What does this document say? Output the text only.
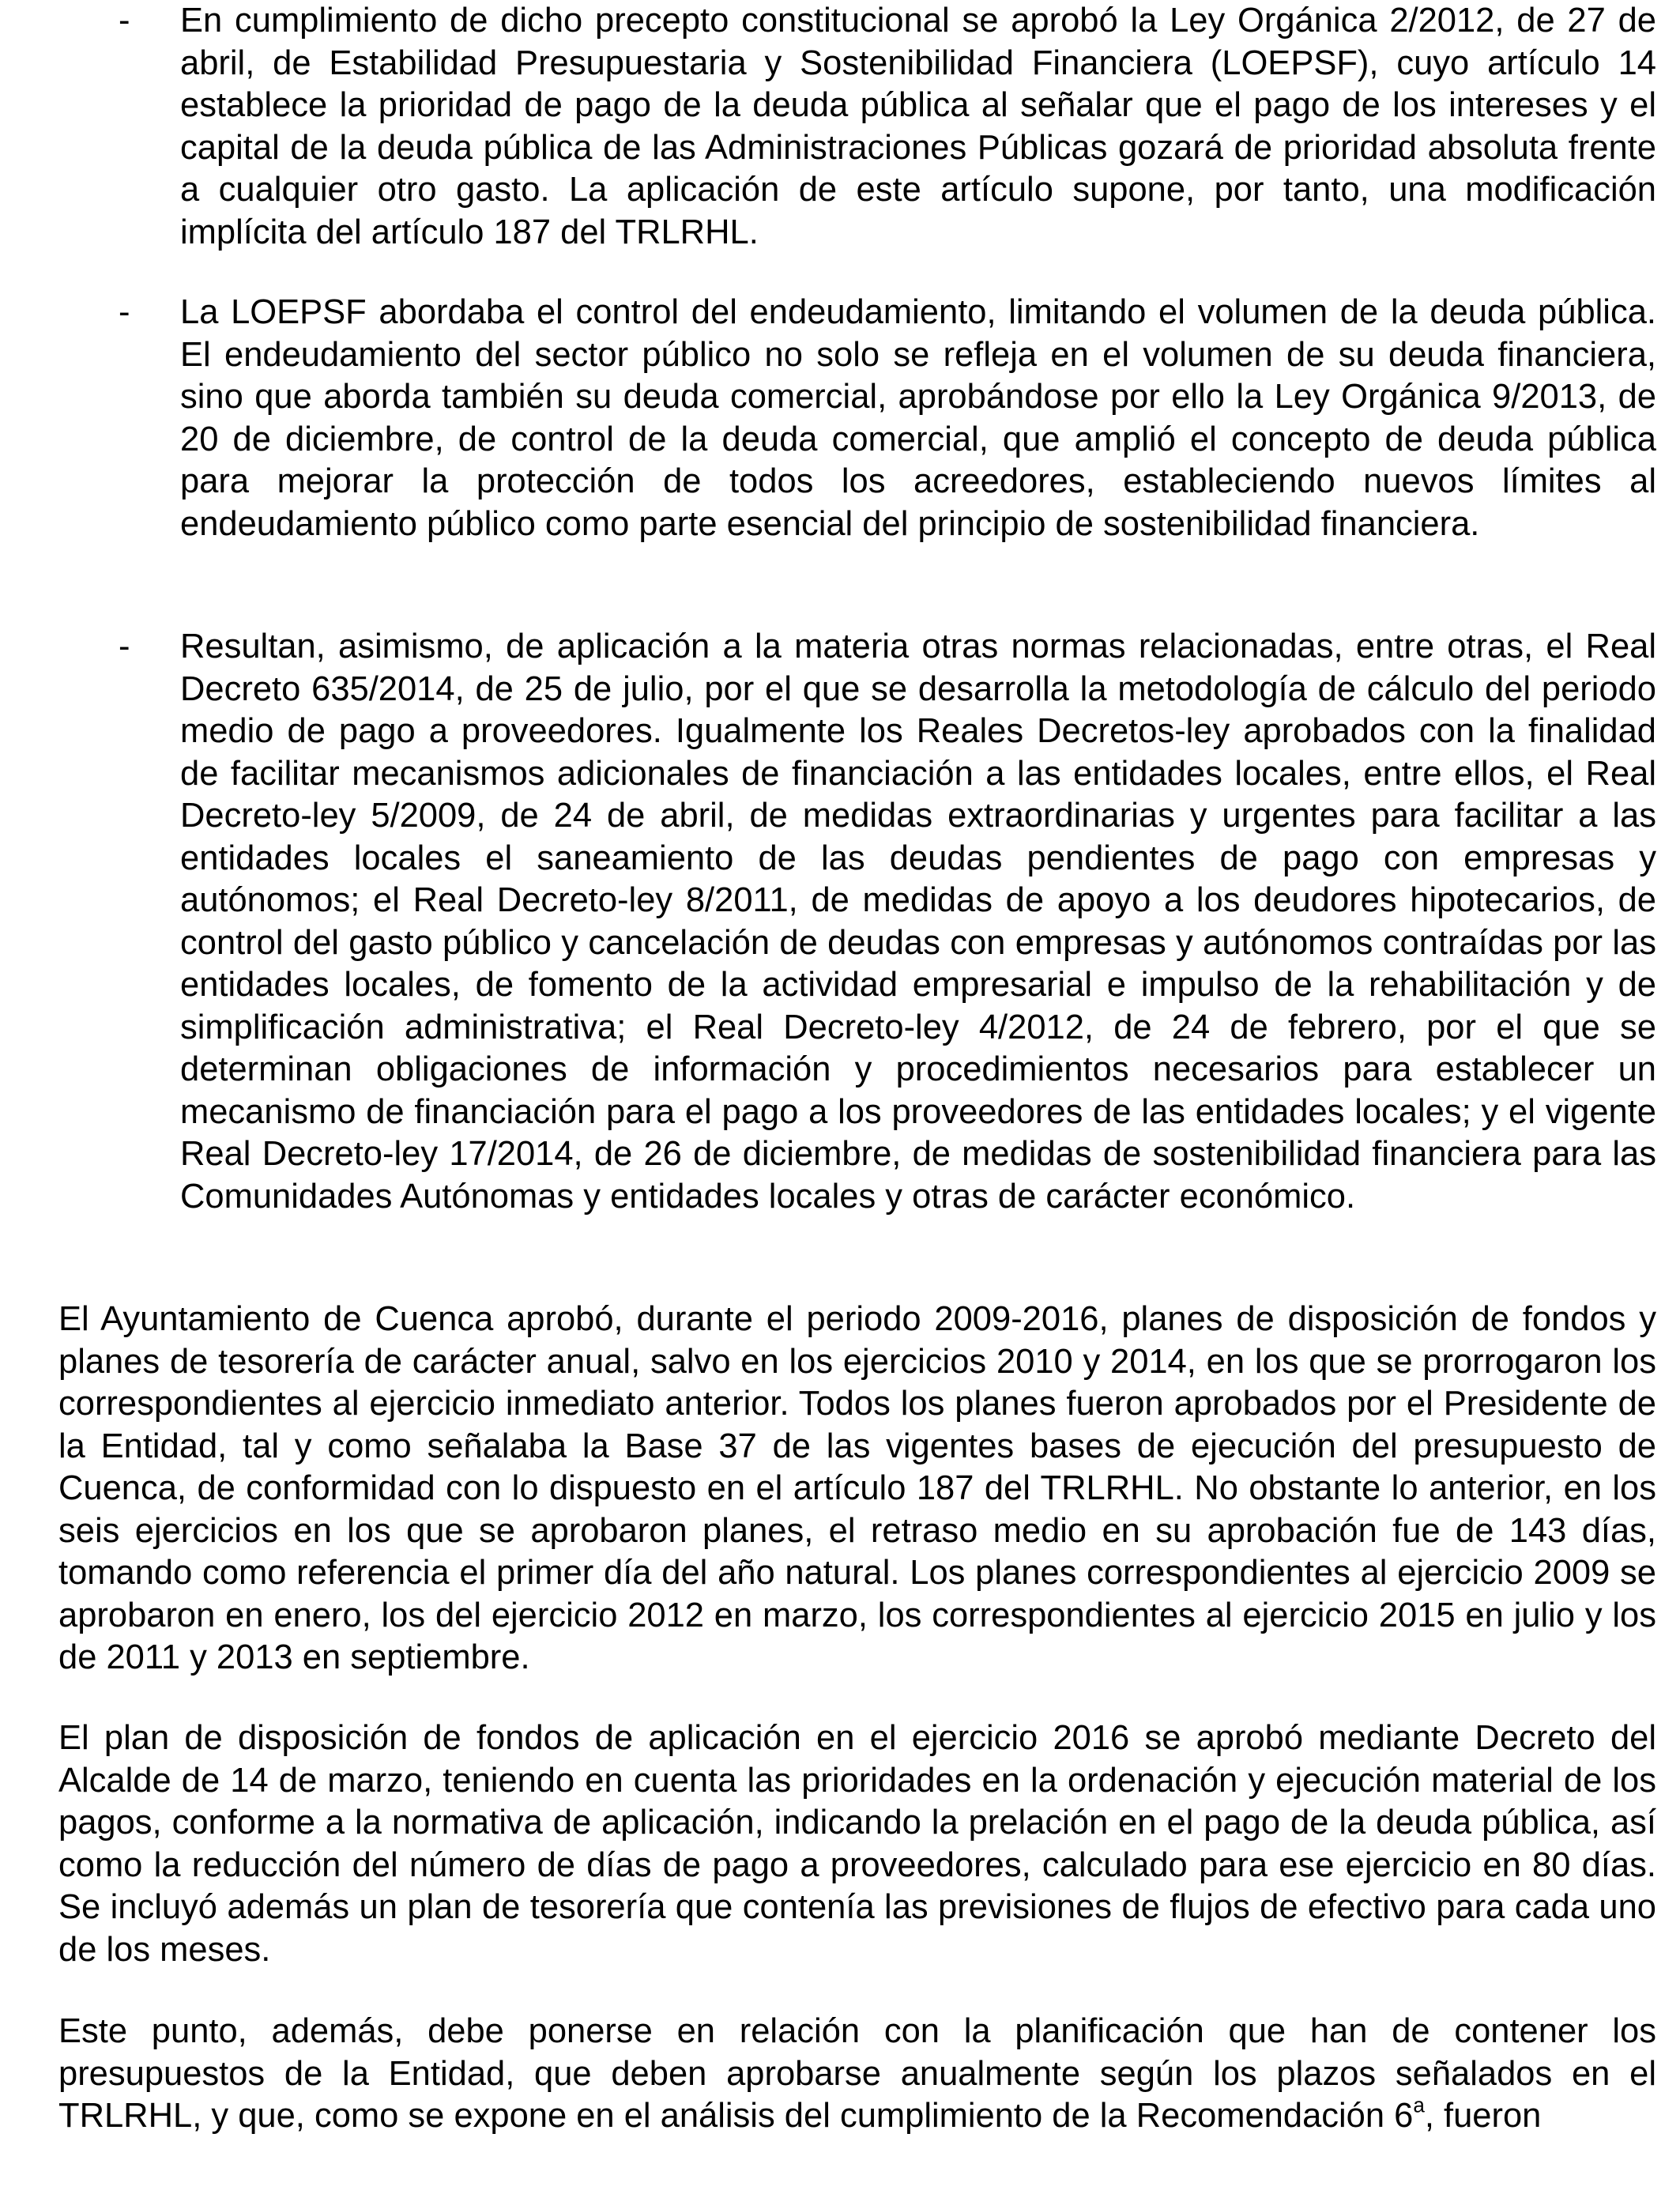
- En cumplimiento de dicho precepto constitucional se aprobó la Ley Orgánica 2/2012, de 27 de abril, de Estabilidad Presupuestaria y Sostenibilidad Financiera (LOEPSF), cuyo artículo 14 establece la prioridad de pago de la deuda pública al señalar que el pago de los intereses y el capital de la deuda pública de las Administraciones Públicas gozará de prioridad absoluta frente a cualquier otro gasto. La aplicación de este artículo supone, por tanto, una modificación implícita del artículo 187 del TRLRHL.
- La LOEPSF abordaba el control del endeudamiento, limitando el volumen de la deuda pública. El endeudamiento del sector público no solo se refleja en el volumen de su deuda financiera, sino que aborda también su deuda comercial, aprobándose por ello la Ley Orgánica 9/2013, de 20 de diciembre, de control de la deuda comercial, que amplió el concepto de deuda pública para mejorar la protección de todos los acreedores, estableciendo nuevos límites al endeudamiento público como parte esencial del principio de sostenibilidad financiera.
- Resultan, asimismo, de aplicación a la materia otras normas relacionadas, entre otras, el Real Decreto 635/2014, de 25 de julio, por el que se desarrolla la metodología de cálculo del periodo medio de pago a proveedores. Igualmente los Reales Decretos-ley aprobados con la finalidad de facilitar mecanismos adicionales de financiación a las entidades locales, entre ellos, el Real Decreto-ley 5/2009, de 24 de abril, de medidas extraordinarias y urgentes para facilitar a las entidades locales el saneamiento de las deudas pendientes de pago con empresas y autónomos; el Real Decreto-ley 8/2011, de medidas de apoyo a los deudores hipotecarios, de control del gasto público y cancelación de deudas con empresas y autónomos contraídas por las entidades locales, de fomento de la actividad empresarial e impulso de la rehabilitación y de simplificación administrativa; el Real Decreto-ley 4/2012, de 24 de febrero, por el que se determinan obligaciones de información y procedimientos necesarios para establecer un mecanismo de financiación para el pago a los proveedores de las entidades locales; y el vigente Real Decreto-ley 17/2014, de 26 de diciembre, de medidas de sostenibilidad financiera para las Comunidades Autónomas y entidades locales y otras de carácter económico.

El Ayuntamiento de Cuenca aprobó, durante el periodo 2009-2016, planes de disposición de fondos y planes de tesorería de carácter anual, salvo en los ejercicios 2010 y 2014, en los que se prorrogaron los correspondientes al ejercicio inmediato anterior. Todos los planes fueron aprobados por el Presidente de la Entidad, tal y como señalaba la Base 37 de las vigentes bases de ejecución del presupuesto de Cuenca, de conformidad con lo dispuesto en el artículo 187 del TRLRHL. No obstante lo anterior, en los seis ejercicios en los que se aprobaron planes, el retraso medio en su aprobación fue de 143 días, tomando como referencia el primer día del año natural. Los planes correspondientes al ejercicio 2009 se aprobaron en enero, los del ejercicio 2012 en marzo, los correspondientes al ejercicio 2015 en julio y los de 2011 y 2013 en septiembre.

El plan de disposición de fondos de aplicación en el ejercicio 2016 se aprobó mediante Decreto del Alcalde de 14 de marzo, teniendo en cuenta las prioridades en la ordenación y ejecución material de los pagos, conforme a la normativa de aplicación, indicando la prelación en el pago de la deuda pública, así como la reducción del número de días de pago a proveedores, calculado para ese ejercicio en 80 días. Se incluyó además un plan de tesorería que contenía las previsiones de flujos de efectivo para cada uno de los meses.

Este punto, además, debe ponerse en relación con la planificación que han de contener los presupuestos de la Entidad, que deben aprobarse anualmente según los plazos señalados en el TRLRHL, y que, como se expone en el análisis del cumplimiento de la Recomendación 6$^a$, fueron
